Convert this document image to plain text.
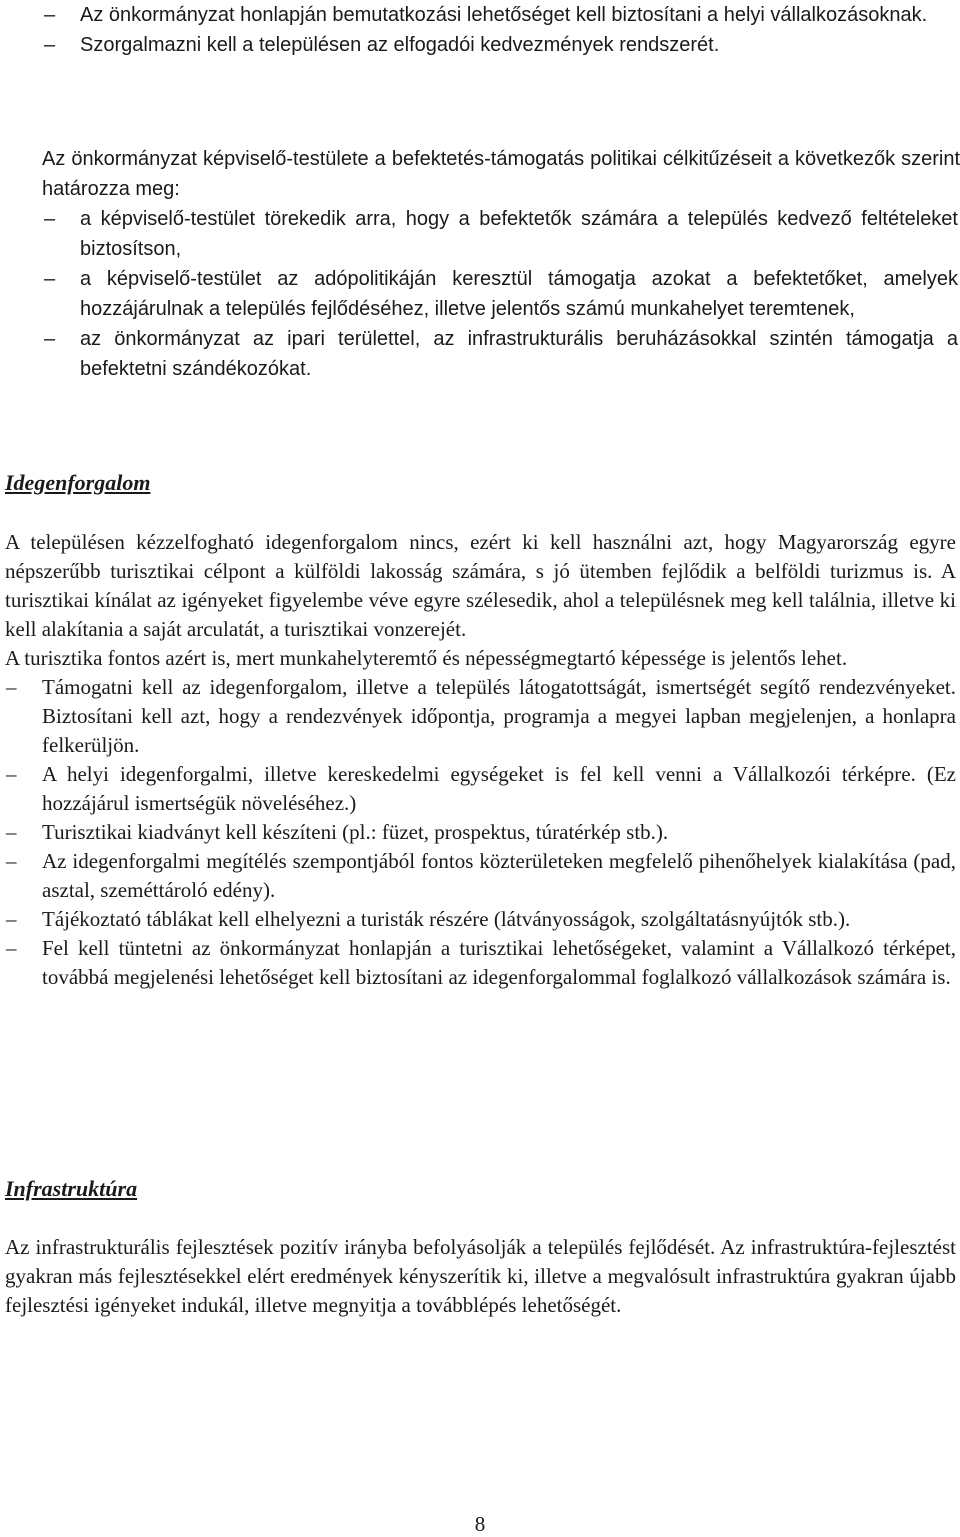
– Az önkormányzat honlapján bemutatkozási lehetőséget kell biztosítani a helyi vállalkozásoknak.

– Szorgalmazni kell a településen az elfogadói kedvezmények rendszerét.

Az önkormányzat képviselő-testülete a befektetés-támogatás politikai célkitűzéseit a következők szerint határozza meg:

– a képviselő-testület törekedik arra, hogy a befektetők számára a település kedvező feltételeket biztosítson,

– a képviselő-testület az adópolitikáján keresztül támogatja azokat a befektetőket, amelyek hozzájárulnak a település fejlődéséhez, illetve jelentős számú munkahelyet teremtenek,

– az önkormányzat az ipari területtel, az infrastrukturális beruházásokkal szintén támogatja a befektetni szándékozókat.

Idegenforgalom

A településen kézzelfogható idegenforgalom nincs, ezért ki kell használni azt, hogy Magyarország egyre népszerűbb turisztikai célpont a külföldi lakosság számára, s jó ütemben fejlődik a belföldi turizmus is. A turisztikai kínálat az igényeket figyelembe véve egyre szélesedik, ahol a településnek meg kell találnia, illetve ki kell alakítania a saját arculatát, a turisztikai vonzerejét.

A turisztika fontos azért is, mert munkahelyteremtő és népességmegtartó képessége is jelentős lehet.

– Támogatni kell az idegenforgalom, illetve a település látogatottságát, ismertségét segítő rendezvényeket. Biztosítani kell azt, hogy a rendezvények időpontja, programja a megyei lapban megjelenjen, a honlapra felkerüljön.

– A helyi idegenforgalmi, illetve kereskedelmi egységeket is fel kell venni a Vállalkozói térképre. (Ez hozzájárul ismertségük növeléséhez.)

– Turisztikai kiadványt kell készíteni (pl.: füzet, prospektus, túratérkép stb.).

– Az idegenforgalmi megítélés szempontjából fontos közterületeken megfelelő pihenőhelyek kialakítása (pad, asztal, szeméttároló edény).

– Tájékoztató táblákat kell elhelyezni a turisták részére (látványosságok, szolgáltatásnyújtók stb.).

– Fel kell tüntetni az önkormányzat honlapján a turisztikai lehetőségeket, valamint a Vállalkozó térképet, továbbá megjelenési lehetőséget kell biztosítani az idegenforgalommal foglalkozó vállalkozások számára is.

Infrastruktúra

Az infrastrukturális fejlesztések pozitív irányba befolyásolják a település fejlődését. Az infrastruktúra-fejlesztést gyakran más fejlesztésekkel elért eredmények kényszerítik ki, illetve a megvalósult infrastruktúra gyakran újabb fejlesztési igényeket indukál, illetve megnyitja a továbblépés lehetőségét.

8
